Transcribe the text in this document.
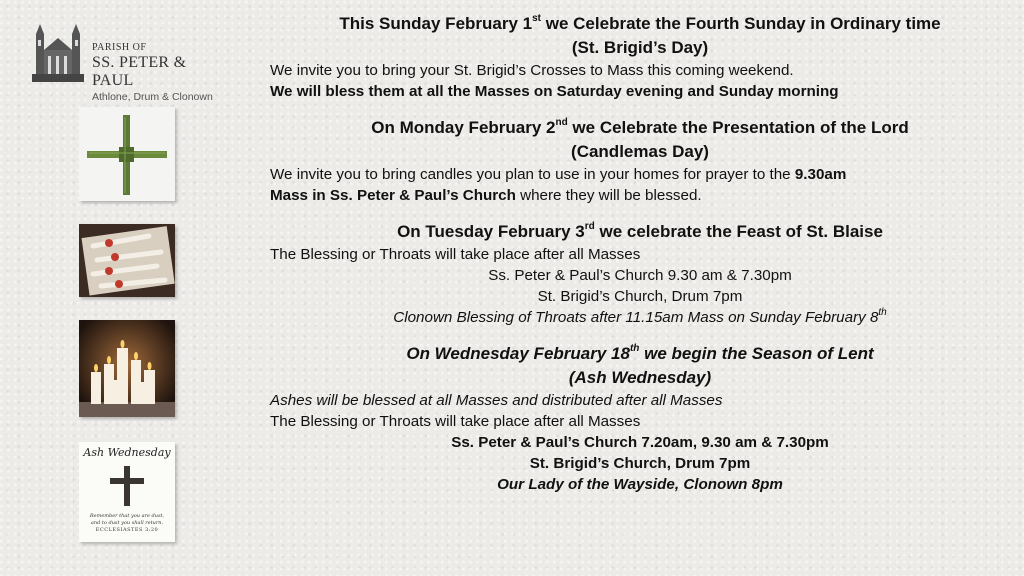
PARISH OF
SS. PETER & PAUL
Athlone, Drum & Clonown
Ash Wednesday
Remember that you are dust,
and to dust you shall return.
ECCLESIASTES 3:20
This Sunday February 1st we Celebrate the Fourth Sunday in Ordinary time
(St. Brigid’s Day)
We invite you to bring your St. Brigid’s Crosses to Mass this coming weekend.
We will bless them at all the Masses on Saturday evening and Sunday morning
On Monday February 2nd we Celebrate the Presentation of the Lord
(Candlemas Day)
We invite you to bring candles you plan to use in your homes for prayer to the 9.30am
Mass in Ss. Peter & Paul’s Church where they will be blessed.
On Tuesday February 3rd we celebrate the Feast of St. Blaise
The Blessing or Throats will take place after all Masses
Ss. Peter & Paul’s Church 9.30 am & 7.30pm
St. Brigid’s Church, Drum 7pm
Clonown Blessing of Throats after 11.15am Mass on Sunday February 8th
On Wednesday February 18th we begin the Season of Lent
(Ash Wednesday)
Ashes will be blessed at all Masses and distributed after all Masses
The Blessing or Throats will take place after all Masses
Ss. Peter & Paul’s Church 7.20am, 9.30 am & 7.30pm
St. Brigid’s Church, Drum 7pm
Our Lady of the Wayside, Clonown 8pm
